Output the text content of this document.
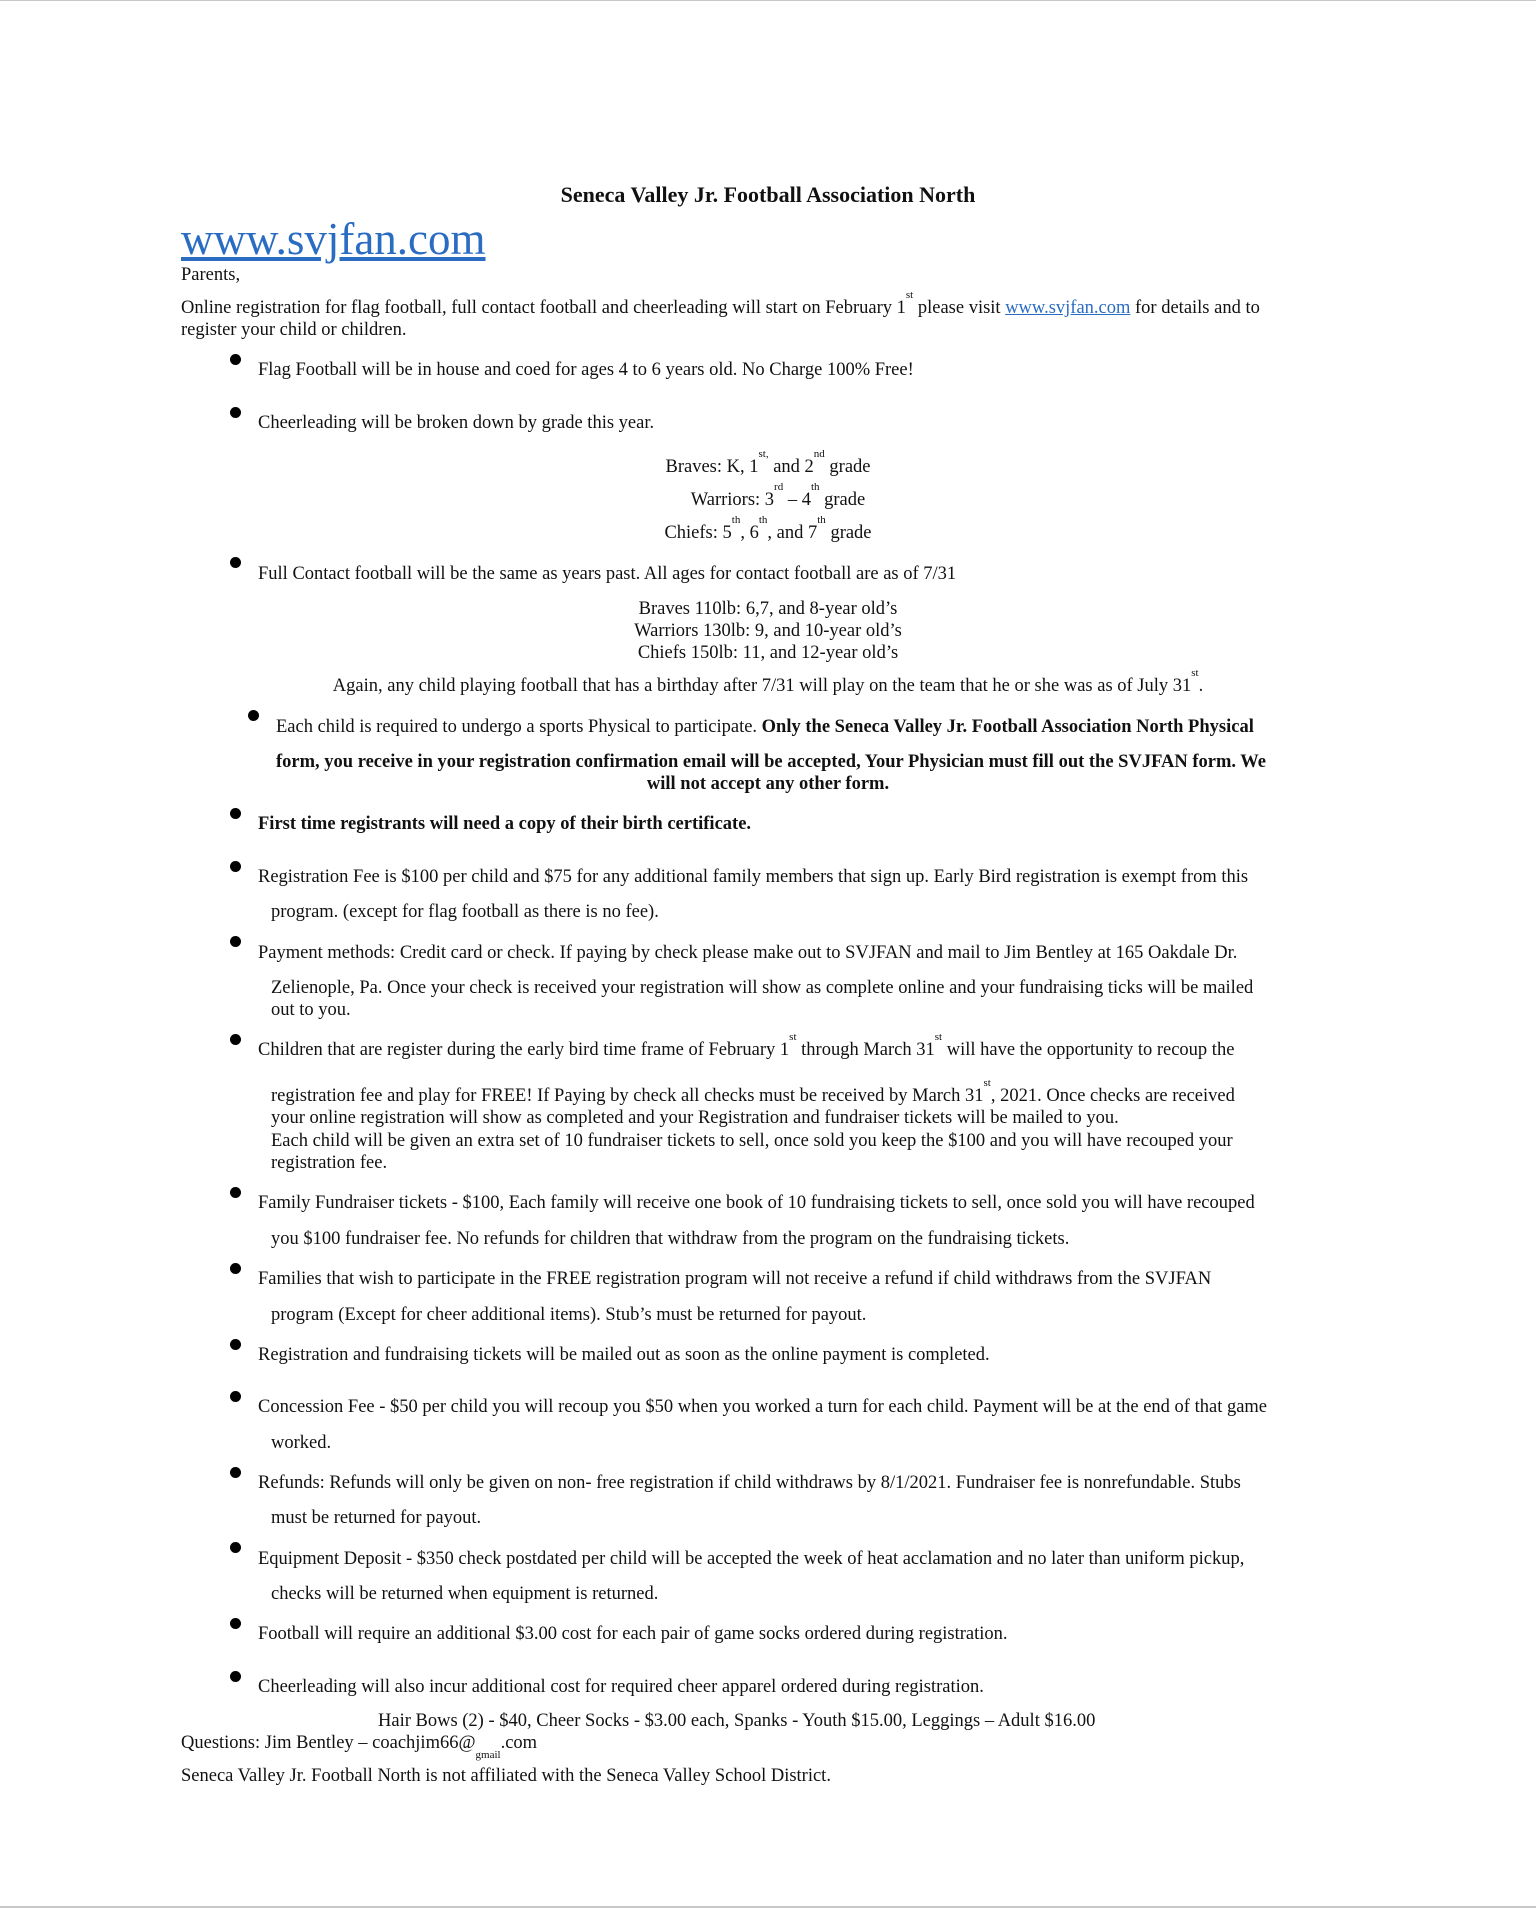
Seneca Valley Jr. Football Association North
www.svjfan.com
Parents,
Online registration for flag football, full contact football and cheerleading will start on February 1st please visit www.svjfan.com for details and to
register your child or children.
Flag Football will be in house and coed for ages 4 to 6 years old. No Charge 100% Free!
Cheerleading will be broken down by grade this year.
Braves: K, $1^{st,}$ and 2nd grade
Warriors: 3rd – 4th grade
Chiefs: 5th, 6th, and 7th grade
Full Contact football will be the same as years past. All ages for contact football are as of 7/31
Braves 110lb: 6,7, and 8-year old’s
Warriors 130lb: 9, and 10-year old’s
Chiefs 150lb: 11, and 12-year old’s
Again, any child playing football that has a birthday after 7/31 will play on the team that he or she was as of July 31st.
Each child is required to undergo a sports Physical to participate. Only the Seneca Valley Jr. Football Association North Physical
form, you receive in your registration confirmation email will be accepted, Your Physician must fill out the SVJFAN form. We
will not accept any other form.
First time registrants will need a copy of their birth certificate.
Registration Fee is $100 per child and $75 for any additional family members that sign up. Early Bird registration is exempt from this
program. (except for flag football as there is no fee).
Payment methods: Credit card or check. If paying by check please make out to SVJFAN and mail to Jim Bentley at 165 Oakdale Dr.
Zelienople, Pa. Once your check is received your registration will show as complete online and your fundraising ticks will be mailed
out to you.
Children that are register during the early bird time frame of February 1st through March 31st will have the opportunity to recoup the
registration fee and play for FREE! If Paying by check all checks must be received by March 31st, 2021. Once checks are received
your online registration will show as completed and your Registration and fundraiser tickets will be mailed to you.
Each child will be given an extra set of 10 fundraiser tickets to sell, once sold you keep the $100 and you will have recouped your
registration fee.
Family Fundraiser tickets - $100, Each family will receive one book of 10 fundraising tickets to sell, once sold you will have recouped
you $100 fundraiser fee. No refunds for children that withdraw from the program on the fundraising tickets.
Families that wish to participate in the FREE registration program will not receive a refund if child withdraws from the SVJFAN
program (Except for cheer additional items). Stub’s must be returned for payout.
Registration and fundraising tickets will be mailed out as soon as the online payment is completed.
Concession Fee - $50 per child you will recoup you $50 when you worked a turn for each child. Payment will be at the end of that game
worked.
Refunds: Refunds will only be given on non- free registration if child withdraws by 8/1/2021. Fundraiser fee is nonrefundable. Stubs
must be returned for payout.
Equipment Deposit - $350 check postdated per child will be accepted the week of heat acclamation and no later than uniform pickup,
checks will be returned when equipment is returned.
Football will require an additional $3.00 cost for each pair of game socks ordered during registration.
Cheerleading will also incur additional cost for required cheer apparel ordered during registration.
Hair Bows (2) - $40, Cheer Socks - $3.00 each, Spanks - Youth $15.00, Leggings – Adult $16.00
Questions: Jim Bentley – $coachjim66@_{gmail}.com$
Seneca Valley Jr. Football North is not affiliated with the Seneca Valley School District.
